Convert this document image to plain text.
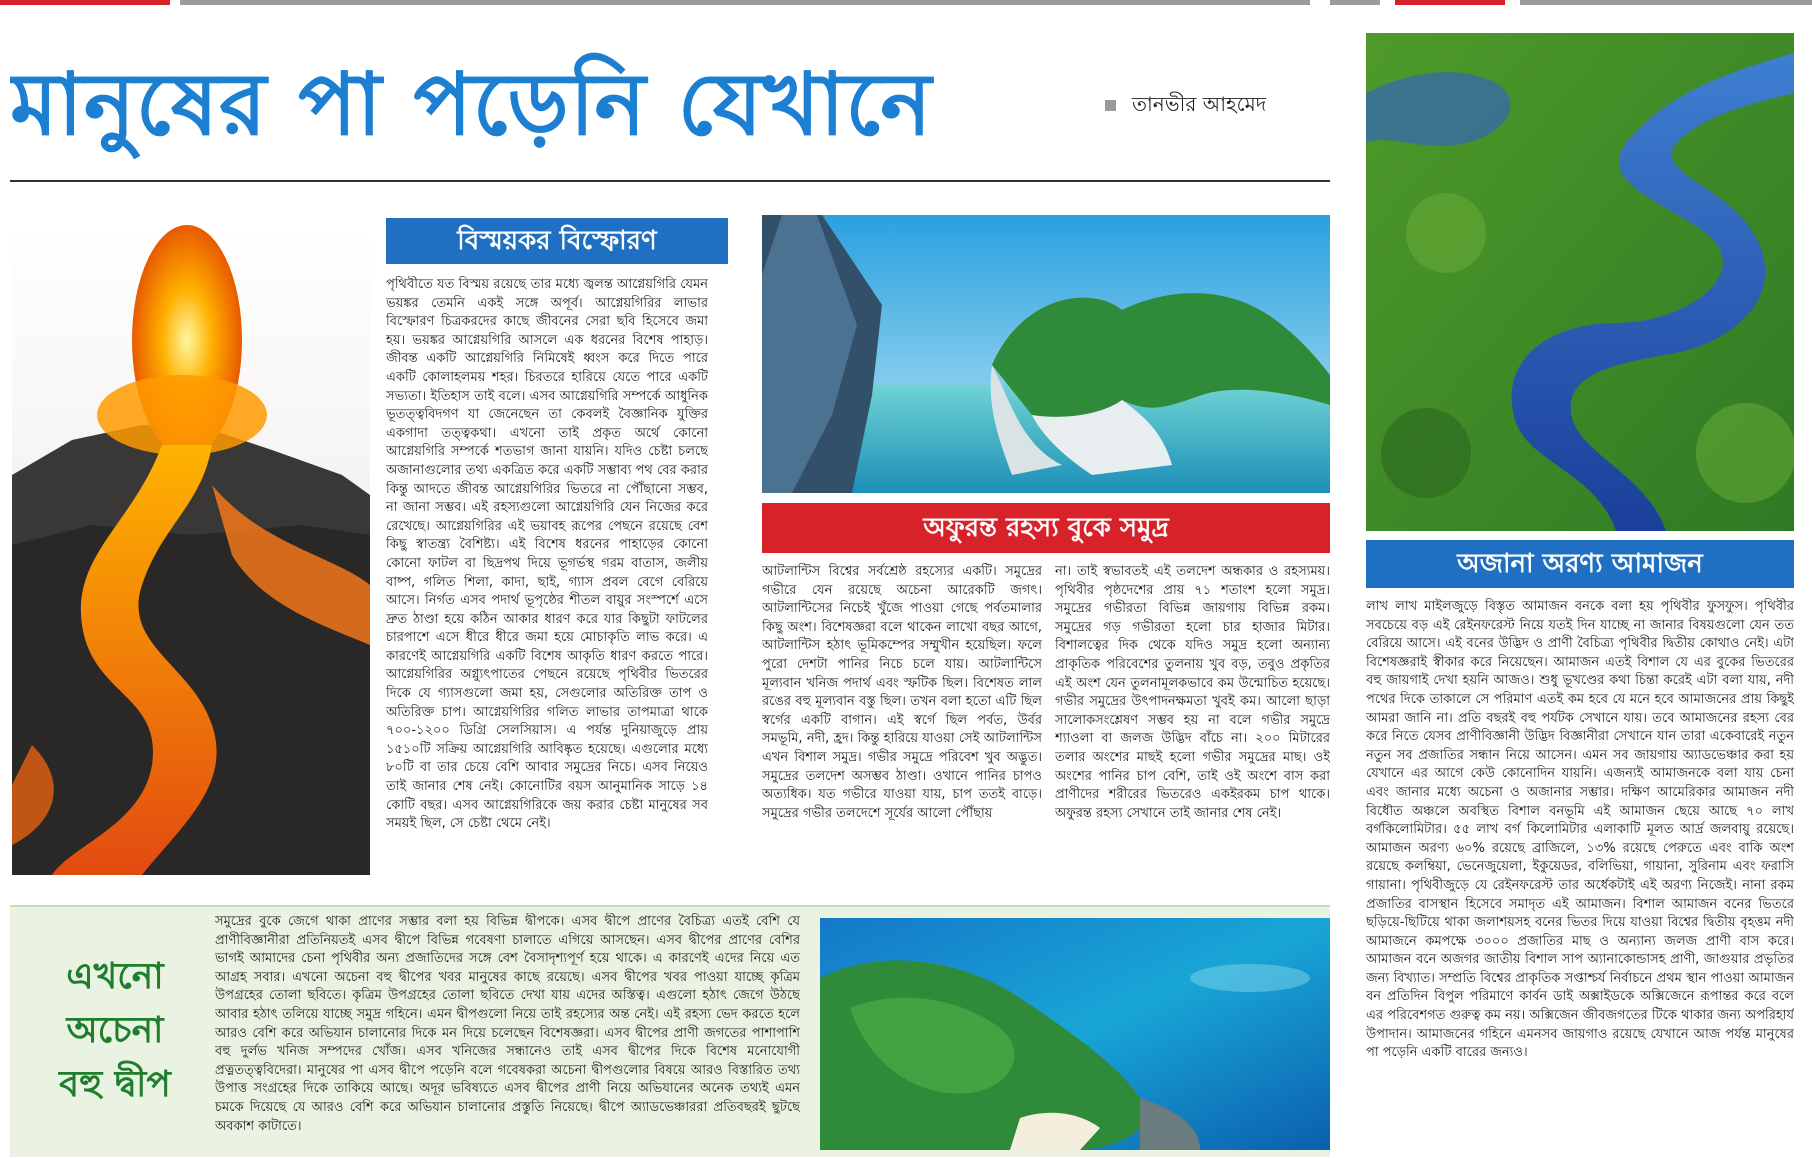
মানুষের পা পড়েনি যেখানে	তানভীর আহমেদ
বিস্ময়কর বিস্ফোরণ
পৃথিবীতে যত বিস্ময় রয়েছে তার মধ্যে জ্বলন্ত আগ্নেয়গিরি যেমন ভয়ঙ্কর তেমনি একই সঙ্গে অপূর্ব। আগ্নেয়গিরির লাভার বিস্ফোরণ চিত্রকরদের কাছে জীবনের সেরা ছবি হিসেবে জমা হয়। ভয়ঙ্কর আগ্নেয়গিরি আসলে এক ধরনের বিশেষ পাহাড়। জীবন্ত একটি আগ্নেয়গিরি নিমিষেই ধ্বংস করে দিতে পারে একটি কোলাহলময় শহর। চিরতরে হারিয়ে যেতে পারে একটি সভ্যতা। ইতিহাস তাই বলে। এসব আগ্নেয়গিরি সম্পর্কে আধুনিক ভূতত্ত্ববিদগণ যা জেনেছেন তা কেবলই বৈজ্ঞানিক যুক্তির একগাদা তত্ত্বকথা। এখনো তাই প্রকৃত অর্থে কোনো আগ্নেয়গিরি সম্পর্কে শতভাগ জানা যায়নি। যদিও চেষ্টা চলছে অজানাগুলোর তথ্য একত্রিত করে একটি সম্ভাব্য পথ বের করার কিন্তু আদতে জীবন্ত আগ্নেয়গিরির ভিতরে না পৌঁছানো সম্ভব, না জানা সম্ভব। এই রহস্যগুলো আগ্নেয়গিরি যেন নিজের করে রেখেছে। আগ্নেয়গিরির এই ভয়াবহ রূপের পেছনে রয়েছে বেশ কিছু স্বাতন্ত্র্য বৈশিষ্ট্য। এই বিশেষ ধরনের পাহাড়ের কোনো কোনো ফাটল বা ছিদ্রপথ দিয়ে ভূগর্ভস্থ গরম বাতাস, জলীয় বাষ্প, গলিত শিলা, কাদা, ছাই, গ্যাস প্রবল বেগে বেরিয়ে আসে। নির্গত এসব পদার্থ ভূপৃষ্ঠের শীতল বায়ুর সংস্পর্শে এসে দ্রুত ঠাণ্ডা হয়ে কঠিন আকার ধারণ করে যার কিছুটা ফাটলের চারপাশে এসে ধীরে ধীরে জমা হয়ে মোচাকৃতি লাভ করে। এ কারণেই আগ্নেয়গিরি একটি বিশেষ আকৃতি ধারণ করতে পারে। আগ্নেয়গিরির অগ্ন্যুৎপাতের পেছনে রয়েছে পৃথিবীর ভিতরের দিকে যে গ্যাসগুলো জমা হয়, সেগুলোর অতিরিক্ত তাপ ও অতিরিক্ত চাপ। আগ্নেয়গিরির গলিত লাভার তাপমাত্রা থাকে ৭০০-১২০০ ডিগ্রি সেলসিয়াস। এ পর্যন্ত দুনিয়াজুড়ে প্রায় ১৫১০টি সক্রিয় আগ্নেয়গিরি আবিষ্কৃত হয়েছে। এগুলোর মধ্যে ৮০টি বা তার চেয়ে বেশি আবার সমুদ্রের নিচে। এসব নিয়েও তাই জানার শেষ নেই। কোনোটির বয়স আনুমানিক সাড়ে ১৪ কোটি বছর। এসব আগ্নেয়গিরিকে জয় করার চেষ্টা মানুষের সব সময়ই ছিল, সে চেষ্টা থেমে নেই।
অফুরন্ত রহস্য বুকে সমুদ্র
আটলান্টিস বিশ্বের সর্বশ্রেষ্ঠ রহস্যের একটি। সমুদ্রের গভীরে যেন রয়েছে অচেনা আরেকটি জগৎ। আটলান্টিসের নিচেই খুঁজে পাওয়া গেছে পর্বতমালার কিছু অংশ। বিশেষজ্ঞরা বলে থাকেন লাখো বছর আগে, আটলান্টিস হঠাৎ ভূমিকম্পের সম্মুখীন হয়েছিল। ফলে পুরো দেশটা পানির নিচে চলে যায়। আটলান্টিসে মূল্যবান খনিজ পদার্থ এবং স্ফটিক ছিল। বিশেষত লাল রঙের বহু মূল্যবান বস্তু ছিল। তখন বলা হতো এটি ছিল স্বর্গের একটি বাগান। এই স্বর্গে ছিল পর্বত, উর্বর সমভূমি, নদী, হ্রদ। কিন্তু হারিয়ে যাওয়া সেই আটলান্টিস এখন বিশাল সমুদ্র। গভীর সমুদ্রে পরিবেশ খুব অদ্ভুত। সমুদ্রের তলদেশ অসম্ভব ঠাণ্ডা। ওখানে পানির চাপও অত্যধিক। যত গভীরে যাওয়া যায়, চাপ ততই বাড়ে। সমুদ্রের গভীর তলদেশে সূর্যের আলো পৌঁছায়
না। তাই স্বভাবতই এই তলদেশ অন্ধকার ও রহস্যময়। পৃথিবীর পৃষ্ঠদেশের প্রায় ৭১ শতাংশ হলো সমুদ্র। সমুদ্রের গভীরতা বিভিন্ন জায়গায় বিভিন্ন রকম। সমুদ্রের গড় গভীরতা হলো চার হাজার মিটার। বিশালত্বের দিক থেকে যদিও সমুদ্র হলো অন্যান্য প্রাকৃতিক পরিবেশের তুলনায় খুব বড়, তবুও প্রকৃতির এই অংশ যেন তুলনামূলকভাবে কম উন্মোচিত হয়েছে। গভীর সমুদ্রের উৎপাদনক্ষমতা খুবই কম। আলো ছাড়া সালোকসংশ্লেষণ সম্ভব হয় না বলে গভীর সমুদ্রে শ্যাওলা বা জলজ উদ্ভিদ বাঁচে না। ২০০ মিটারের তলার অংশের মাছই হলো গভীর সমুদ্রের মাছ। ওই অংশের পানির চাপ বেশি, তাই ওই অংশে বাস করা প্রাণীদের শরীরের ভিতরেও একইরকম চাপ থাকে। অফুরন্ত রহস্য সেখানে তাই জানার শেষ নেই।
অজানা অরণ্য আমাজন
লাখ লাখ মাইলজুড়ে বিস্তৃত আমাজন বনকে বলা হয় পৃথিবীর ফুসফুস। পৃথিবীর সবচেয়ে বড় এই রেইনফরেস্ট নিয়ে যতই দিন যাচ্ছে না জানার বিষয়গুলো যেন তত বেরিয়ে আসে। এই বনের উদ্ভিদ ও প্রাণী বৈচিত্র্য পৃথিবীর দ্বিতীয় কোথাও নেই। এটা বিশেষজ্ঞরাই স্বীকার করে নিয়েছেন। আমাজন এতই বিশাল যে এর বুকের ভিতরের বহু জায়গাই দেখা হয়নি আজও। শুধু ভূখণ্ডের কথা চিন্তা করেই এটা বলা যায়, নদী পথের দিকে তাকালে সে পরিমাণ এতই কম হবে যে মনে হবে আমাজনের প্রায় কিছুই আমরা জানি না। প্রতি বছরই বহু পর্যটক সেখানে যায়। তবে আমাজনের রহস্য বের করে নিতে যেসব প্রাণীবিজ্ঞানী উদ্ভিদ বিজ্ঞানীরা সেখানে যান তারা একেবারেই নতুন নতুন সব প্রজাতির সন্ধান নিয়ে আসেন। এমন সব জায়গায় অ্যাডভেঞ্চার করা হয় যেখানে এর আগে কেউ কোনোদিন যায়নি। এজন্যই আমাজনকে বলা যায় চেনা এবং জানার মধ্যে অচেনা ও অজানার সম্ভার। দক্ষিণ আমেরিকার আমাজন নদী বিধৌত অঞ্চলে অবস্থিত বিশাল বনভূমি এই আমাজন ছেয়ে আছে ৭০ লাখ বর্গকিলোমিটার। ৫৫ লাখ বর্গ কিলোমিটার এলাকাটি মূলত আর্দ্র জলবায়ু রয়েছে। আমাজন অরণ্য ৬০% রয়েছে ব্রাজিলে, ১৩% রয়েছে পেরুতে এবং বাকি অংশ রয়েছে কলম্বিয়া, ভেনেজুয়েলা, ইকুয়েডর, বলিভিয়া, গায়ানা, সুরিনাম এবং ফরাসি গায়ানা। পৃথিবীজুড়ে যে রেইনফরেস্ট তার অর্ধেকটাই এই অরণ্য নিজেই। নানা রকম প্রজাতির বাসস্থান হিসেবে সমাদৃত এই আমাজন। বিশাল আমাজন বনের ভিতরে ছড়িয়ে-ছিটিয়ে থাকা জলাশয়সহ বনের ভিতর দিয়ে যাওয়া বিশ্বের দ্বিতীয় বৃহত্তম নদী আমাজনে কমপক্ষে ৩০০০ প্রজাতির মাছ ও অন্যান্য জলজ প্রাণী বাস করে। আমাজন বনে অজগর জাতীয় বিশাল সাপ অ্যানাকোন্ডাসহ প্রাণী, জাগুয়ার প্রভৃতির জন্য বিখ্যাত। সম্প্রতি বিশ্বের প্রাকৃতিক সপ্তাশ্চর্য নির্বাচনে প্রথম স্থান পাওয়া আমাজন বন প্রতিদিন বিপুল পরিমাণে কার্বন ডাই অক্সাইডকে অক্সিজেনে রূপান্তর করে বলে এর পরিবেশগত গুরুত্ব কম নয়। অক্সিজেন জীবজগতের টিকে থাকার জন্য অপরিহার্য উপাদান। আমাজনের গহিনে এমনসব জায়গাও রয়েছে যেখানে আজ পর্যন্ত মানুষের পা পড়েনি একটি বারের জন্যও।
এখনো
অচেনা
বহু দ্বীপ
সমুদ্রের বুকে জেগে থাকা প্রাণের সম্ভার বলা হয় বিভিন্ন দ্বীপকে। এসব দ্বীপে প্রাণের বৈচিত্র্য এতই বেশি যে প্রাণীবিজ্ঞানীরা প্রতিনিয়তই এসব দ্বীপে বিভিন্ন গবেষণা চালাতে এগিয়ে আসছেন। এসব দ্বীপের প্রাণের বেশির ভাগই আমাদের চেনা পৃথিবীর অন্য প্রজাতিদের সঙ্গে বেশ বৈসাদৃশ্যপূর্ণ হয়ে থাকে। এ কারণেই এদের নিয়ে এত আগ্রহ সবার। এখনো অচেনা বহু দ্বীপের খবর মানুষের কাছে রয়েছে। এসব দ্বীপের খবর পাওয়া যাচ্ছে কৃত্রিম উপগ্রহের তোলা ছবিতে। কৃত্রিম উপগ্রহের তোলা ছবিতে দেখা যায় এদের অস্তিত্ব। এগুলো হঠাৎ জেগে উঠছে আবার হঠাৎ তলিয়ে যাচ্ছে সমুদ্র গহিনে। এমন দ্বীপগুলো নিয়ে তাই রহস্যের অন্ত নেই। এই রহস্য ভেদ করতে হলে আরও বেশি করে অভিযান চালানোর দিকে মন দিয়ে চলেছেন বিশেষজ্ঞরা। এসব দ্বীপের প্রাণী জগতের পাশাপাশি বহু দুর্লভ খনিজ সম্পদের খোঁজ। এসব খনিজের সন্ধানেও তাই এসব দ্বীপের দিকে বিশেষ মনোযোগী প্রত্নতত্ত্ববিদেরা। মানুষের পা এসব দ্বীপে পড়েনি বলে গবেষকরা অচেনা দ্বীপগুলোর বিষয়ে আরও বিস্তারিত তথ্য উপাত্ত সংগ্রহের দিকে তাকিয়ে আছে। অদূর ভবিষ্যতে এসব দ্বীপের প্রাণী নিয়ে অভিযানের অনেক তথ্যই এমন চমকে দিয়েছে যে আরও বেশি করে অভিযান চালানোর প্রস্তুতি নিয়েছে। দ্বীপে অ্যাডভেঞ্চাররা প্রতিবছরই ছুটছে অবকাশ কাটাতে।
